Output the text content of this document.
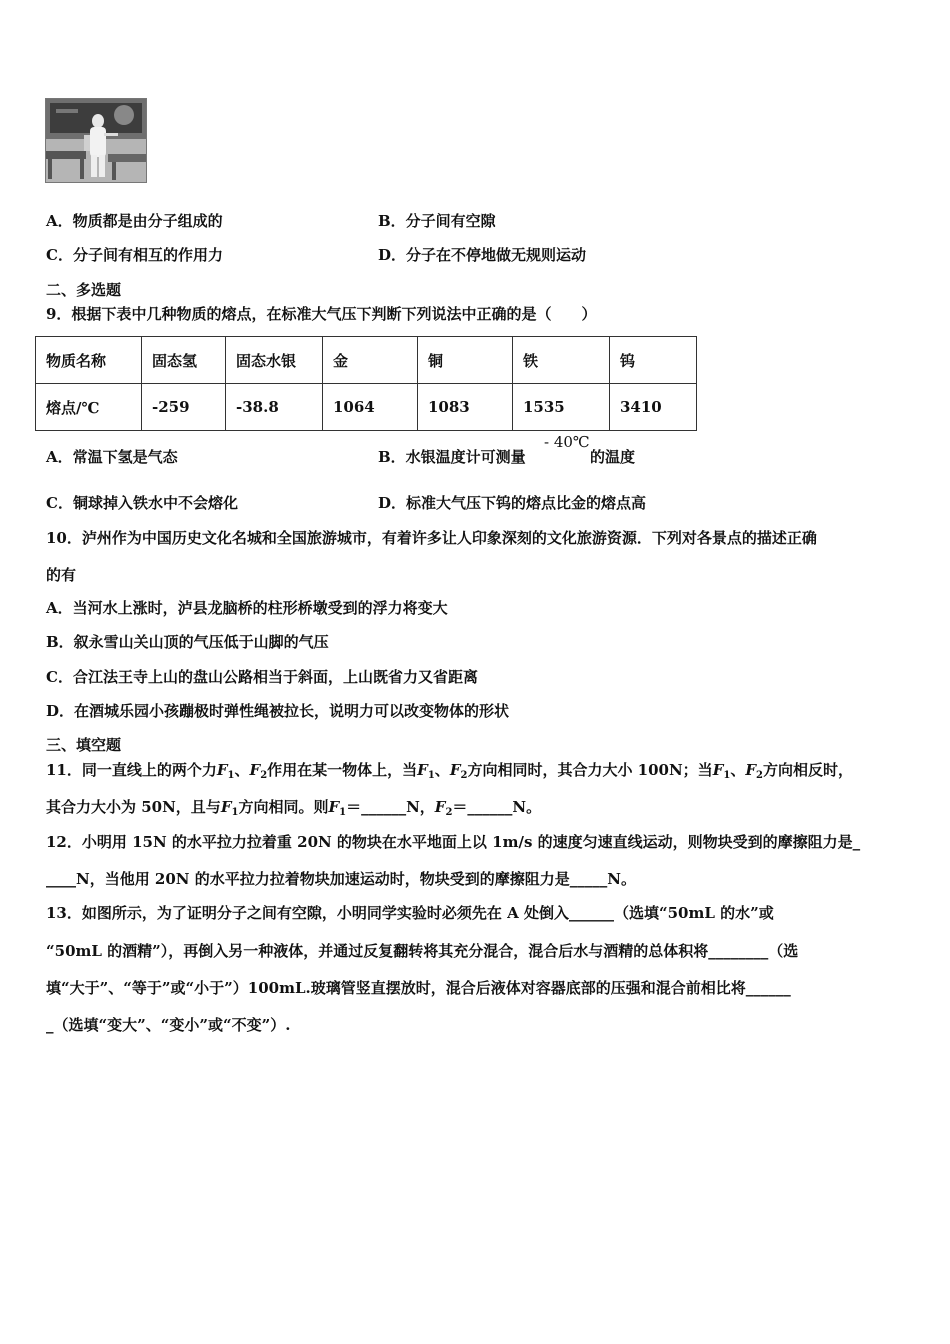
A．物质都是由分子组成的	B．分子间有空隙
C．分子间有相互的作用力	D．分子在不停地做无规则运动
二、多选题
9．根据下表中几种物质的熔点，在标准大气压下判断下列说法中正确的是（　　）
物质名称	固态氢	固态水银	金	铜	铁	钨
熔点/℃	-259	-38.8	1064	1083	1535	3410
A．常温下氢是气态	B．水银温度计可测量
- 40℃
的温度
C．铜球掉入铁水中不会熔化	D．标准大气压下钨的熔点比金的熔点高
10．泸州作为中国历史文化名城和全国旅游城市，有着许多让人印象深刻的文化旅游资源．下列对各景点的描述正确
的有
A．当河水上涨时，泸县龙脑桥的柱形桥墩受到的浮力将变大
B．叙永雪山关山顶的气压低于山脚的气压
C．合江法王寺上山的盘山公路相当于斜面，上山既省力又省距离
D．在酒城乐园小孩蹦极时弹性绳被拉长，说明力可以改变物体的形状
三、填空题
11．同一直线上的两个力$F_1$、$F_2$作用在某一物体上，当$F_1$、$F_2$方向相同时，其合力大小 100N；当$F_1$、$F_2$方向相反时，
其合力大小为 50N，且与$F_1$方向相同。则$F_1=\_\_\_\_\_\_N$，$F_2=\_\_\_\_\_\_N$。
12．小明用 15N 的水平拉力拉着重 20N 的物块在水平地面上以 1m/s 的速度匀速直线运动，则物块受到的摩擦阻力是_
____N，当他用 20N 的水平拉力拉着物块加速运动时，物块受到的摩擦阻力是_____N。
13．如图所示，为了证明分子之间有空隙，小明同学实验时必须先在 A 处倒入______（选填“50mL 的水”或
“50mL 的酒精”），再倒入另一种液体，并通过反复翻转将其充分混合，混合后水与酒精的总体积将________（选
填“大于”、“等于”或“小于”）100mL.玻璃管竖直摆放时，混合后液体对容器底部的压强和混合前相比将______
_（选填“变大”、“变小”或“不变”）.
